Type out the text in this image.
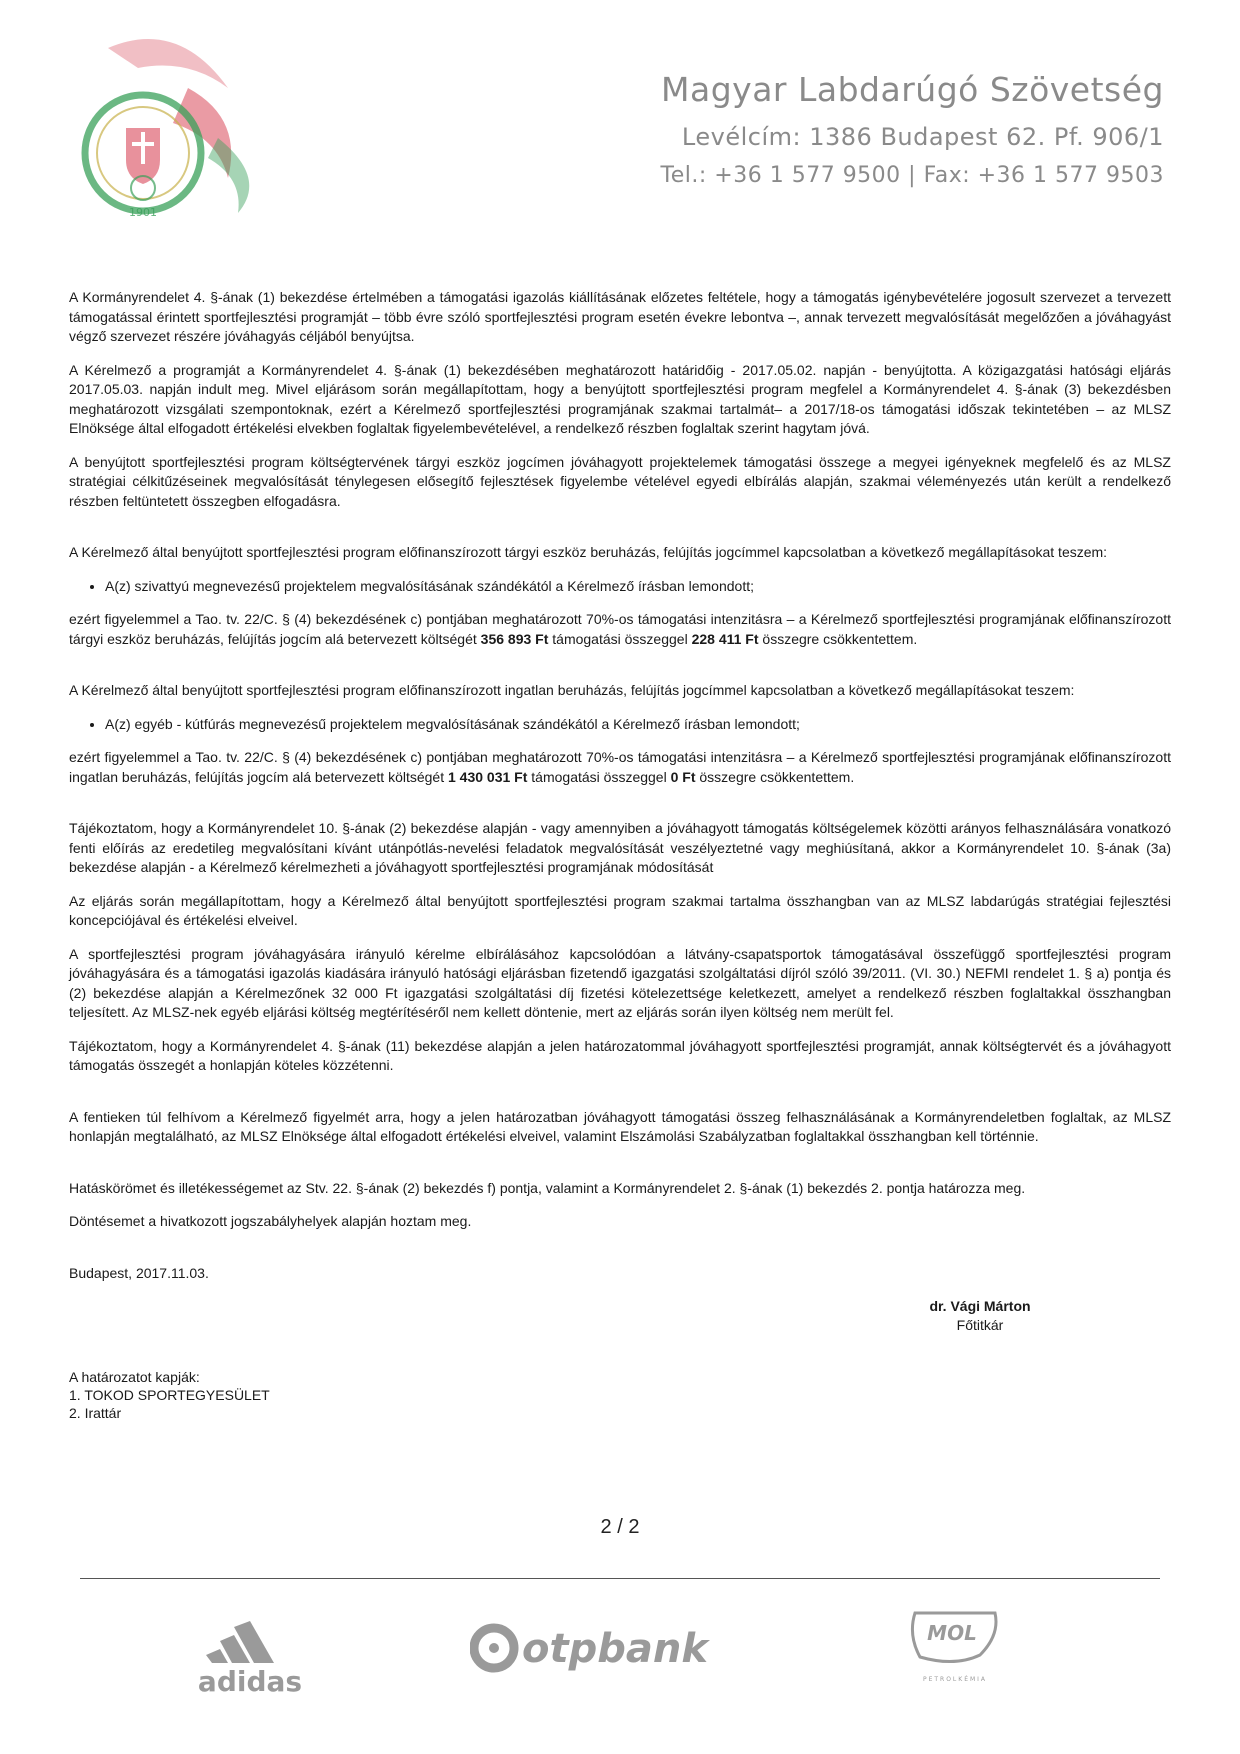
1901
Magyar Labdarúgó Szövetség
Levélcím: 1386 Budapest 62. Pf. 906/1
Tel.: +36 1 577 9500 | Fax: +36 1 577 9503

A Kormányrendelet 4. §-ának (1) bekezdése értelmében a támogatási igazolás kiállításának előzetes feltétele, hogy a támogatás igénybevételére jogosult szervezet a tervezett támogatással érintett sportfejlesztési programját – több évre szóló sportfejlesztési program esetén évekre lebontva –, annak tervezett megvalósítását megelőzően a jóváhagyást végző szervezet részére jóváhagyás céljából benyújtsa.

A Kérelmező a programját a Kormányrendelet 4. §-ának (1) bekezdésében meghatározott határidőig - 2017.05.02. napján - benyújtotta. A közigazgatási hatósági eljárás 2017.05.03. napján indult meg. Mivel eljárásom során megállapítottam, hogy a benyújtott sportfejlesztési program megfelel a Kormányrendelet 4. §-ának (3) bekezdésben meghatározott vizsgálati szempontoknak, ezért a Kérelmező sportfejlesztési programjának szakmai tartalmát– a 2017/18-os támogatási időszak tekintetében – az MLSZ Elnöksége által elfogadott értékelési elvekben foglaltak figyelembevételével, a rendelkező részben foglaltak szerint hagytam jóvá.

A benyújtott sportfejlesztési program költségtervének tárgyi eszköz jogcímen jóváhagyott projektelemek támogatási összege a megyei igényeknek megfelelő és az MLSZ stratégiai célkitűzéseinek megvalósítását ténylegesen elősegítő fejlesztések figyelembe vételével egyedi elbírálás alapján, szakmai véleményezés után került a rendelkező részben feltüntetett összegben elfogadásra.

A Kérelmező által benyújtott sportfejlesztési program előfinanszírozott tárgyi eszköz beruházás, felújítás jogcímmel kapcsolatban a következő megállapításokat teszem:

• A(z) szivattyú megnevezésű projektelem megvalósításának szándékától a Kérelmező írásban lemondott;

ezért figyelemmel a Tao. tv. 22/C. § (4) bekezdésének c) pontjában meghatározott 70%-os támogatási intenzitásra – a Kérelmező sportfejlesztési programjának előfinanszírozott tárgyi eszköz beruházás, felújítás jogcím alá betervezett költségét 356 893 Ft támogatási összeggel 228 411 Ft összegre csökkentettem.

A Kérelmező által benyújtott sportfejlesztési program előfinanszírozott ingatlan beruházás, felújítás jogcímmel kapcsolatban a következő megállapításokat teszem:

• A(z) egyéb - kútfúrás megnevezésű projektelem megvalósításának szándékától a Kérelmező írásban lemondott;

ezért figyelemmel a Tao. tv. 22/C. § (4) bekezdésének c) pontjában meghatározott 70%-os támogatási intenzitásra – a Kérelmező sportfejlesztési programjának előfinanszírozott ingatlan beruházás, felújítás jogcím alá betervezett költségét 1 430 031 Ft támogatási összeggel 0 Ft összegre csökkentettem.

Tájékoztatom, hogy a Kormányrendelet 10. §-ának (2) bekezdése alapján - vagy amennyiben a jóváhagyott támogatás költségelemek közötti arányos felhasználására vonatkozó fenti előírás az eredetileg megvalósítani kívánt utánpótlás-nevelési feladatok megvalósítását veszélyeztetné vagy meghiúsítaná, akkor a Kormányrendelet 10. §-ának (3a) bekezdése alapján - a Kérelmező kérelmezheti a jóváhagyott sportfejlesztési programjának módosítását

Az eljárás során megállapítottam, hogy a Kérelmező által benyújtott sportfejlesztési program szakmai tartalma összhangban van az MLSZ labdarúgás stratégiai fejlesztési koncepciójával és értékelési elveivel.

A sportfejlesztési program jóváhagyására irányuló kérelme elbírálásához kapcsolódóan a látvány-csapatsportok támogatásával összefüggő sportfejlesztési program jóváhagyására és a támogatási igazolás kiadására irányuló hatósági eljárásban fizetendő igazgatási szolgáltatási díjról szóló 39/2011. (VI. 30.) NEFMI rendelet 1. § a) pontja és (2) bekezdése alapján a Kérelmezőnek 32 000 Ft igazgatási szolgáltatási díj fizetési kötelezettsége keletkezett, amelyet a rendelkező részben foglaltakkal összhangban teljesített. Az MLSZ-nek egyéb eljárási költség megtérítéséről nem kellett döntenie, mert az eljárás során ilyen költség nem merült fel.

Tájékoztatom, hogy a Kormányrendelet 4. §-ának (11) bekezdése alapján a jelen határozatommal jóváhagyott sportfejlesztési programját, annak költségtervét és a jóváhagyott támogatás összegét a honlapján köteles közzétenni.

A fentieken túl felhívom a Kérelmező figyelmét arra, hogy a jelen határozatban jóváhagyott támogatási összeg felhasználásának a Kormányrendeletben foglaltak, az MLSZ honlapján megtalálható, az MLSZ Elnöksége által elfogadott értékelési elveivel, valamint Elszámolási Szabályzatban foglaltakkal összhangban kell történnie.

Hatáskörömet és illetékességemet az Stv. 22. §-ának (2) bekezdés f) pontja, valamint a Kormányrendelet 2. §-ának (1) bekezdés 2. pontja határozza meg.

Döntésemet a hivatkozott jogszabályhelyek alapján hoztam meg.

Budapest, 2017.11.03.

dr. Vági Márton
Főtitkár
A határozatot kapják:
1. TOKOD SPORTEGYESÜLET
2. Irattár
2 / 2
adidas
otpbank	MOL
PETROLKÉMIA
